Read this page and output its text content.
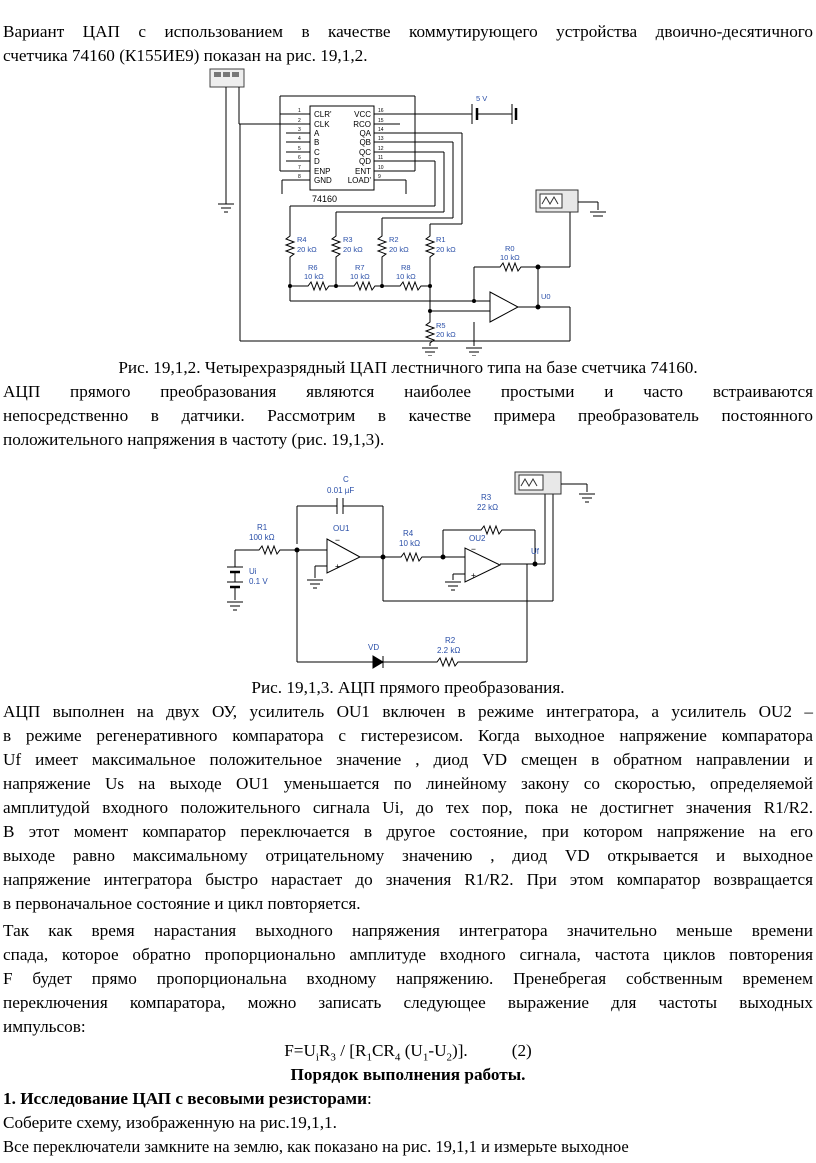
Вариант ЦАП с использованием в качестве коммутирующего устройства двоично-десятичного

счетчика 74160 (К155ИЕ9) показан на рис. 19,1,2.

CLR'
CLK
A
B
C
D
ENP
GND
VCC
RCO
QA
QB
QC
QD
ENT
LOAD'
1
2
3
4
5
6
7
8
16
15
14
13
12
11
10
9
74160
5 V
R4
20 kΩ
R3
20 kΩ
R2
20 kΩ
R1
20 kΩ
R6
10 kΩ
R7
10 kΩ
R8
10 kΩ
R0
10 kΩ
R5
20 kΩ
U0

Рис. 19,1,2. Четырехразрядный ЦАП лестничного типа на базе счетчика 74160.

АЦП прямого преобразования являются наиболее простыми и часто встраиваются

непосредственно в датчики. Рассмотрим в качестве примера преобразователь постоянного

положительного напряжения в частоту (рис. 19,1,3).

−
+
−
+
C
0.01 µF
R1
100 kΩ
OU1
R4
10 kΩ
R3
22 kΩ
OU2
Uf
Ui
0.1 V
VD
R2
2.2 kΩ

Рис. 19,1,3. АЦП прямого преобразования.

АЦП выполнен на двух ОУ, усилитель OU1 включен в режиме интегратора, а усилитель OU2 –

в режиме регенеративного компаратора с гистерезисом. Когда выходное напряжение компаратора

Uf имеет максимальное положительное значение , диод VD смещен в обратном направлении и

напряжение Us на выходе OU1 уменьшается по линейному закону со скоростью, определяемой

амплитудой входного положительного сигнала Ui, до тех пор, пока не достигнет значения R1/R2.

В этот момент компаратор переключается в другое состояние, при котором напряжение на его

выходе равно максимальному отрицательному значению , диод VD открывается и выходное

напряжение интегратора быстро нарастает до значения R1/R2. При этом компаратор возвращается

в первоначальное состояние и цикл повторяется.

Так как время нарастания выходного напряжения интегратора значительно меньше времени

спада, которое обратно пропорционально амплитуде входного сигнала, частота циклов повторения

F будет прямо пропорциональна входному напряжению. Пренебрегая собственным временем

переключения компаратора, можно записать следующее выражение для частоты выходных

импульсов:

$F=U_iR_3 / [R_1CR_4$ $(U_1-U_2)$].	(2)

Порядок выполнения работы.

1. Исследование ЦАП с весовыми резисторами:

Соберите схему, изображенную на рис.19,1,1.

Все переключатели замкните на землю, как показано на рис. 19,1,1 и измерьте выходное
